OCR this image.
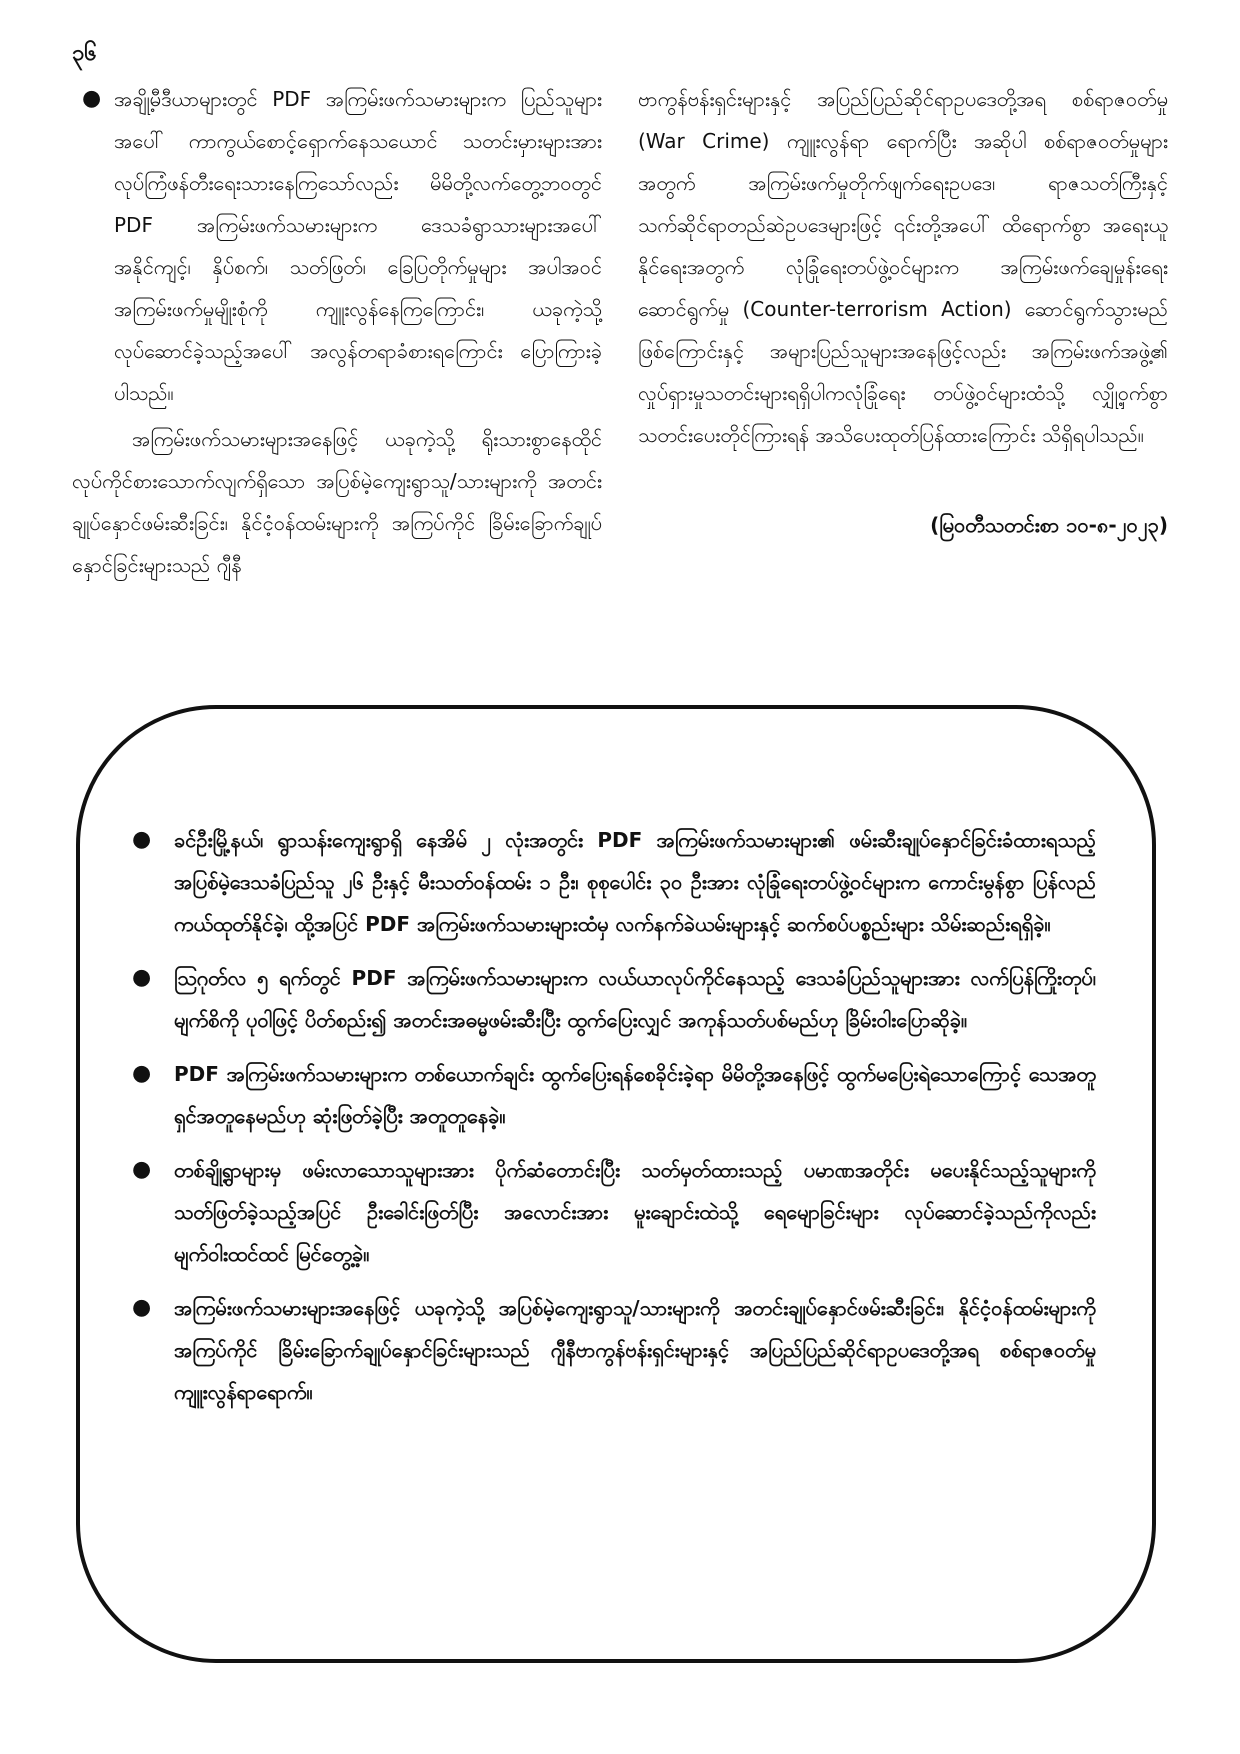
၃၆

● အချို့မီဒီယာများတွင် PDF အကြမ်းဖက်သမားများက ပြည်သူများအပေါ် ကာကွယ်စောင့်ရှောက်နေသယောင် သတင်းမှားများအား လုပ်ကြံဖန်တီးရေးသားနေကြသော်လည်း မိမိတို့လက်တွေ့ဘဝတွင် PDF အကြမ်းဖက်သမားများက ဒေသခံရွာသားများအပေါ် အနိုင်ကျင့်၊ နှိပ်စက်၊ သတ်ဖြတ်၊ ခြေပြတိုက်မှုများ အပါအဝင် အကြမ်းဖက်မှုမျိုးစုံကို ကျူးလွန်နေကြကြောင်း၊ ယခုကဲ့သို့ လုပ်ဆောင်ခဲ့သည့်အပေါ် အလွန်တရာခံစားရကြောင်း ပြောကြားခဲ့ပါသည်။

အကြမ်းဖက်သမားများအနေဖြင့် ယခုကဲ့သို့ ရိုးသားစွာနေထိုင်လုပ်ကိုင်စားသောက်လျက်ရှိသော အပြစ်မဲ့ကျေးရွာသူ/သားများကို အတင်းချုပ်နှောင်ဖမ်းဆီးခြင်း၊ နိုင်ငံ့ဝန်ထမ်းများကို အကြပ်ကိုင် ခြိမ်းခြောက်ချုပ်နှောင်ခြင်းများသည် ဂျီနီ

ဗာကွန်ဗန်းရှင်းများနှင့် အပြည်ပြည်ဆိုင်ရာဥပဒေတို့အရ စစ်ရာဇဝတ်မှု (War Crime) ကျူးလွန်ရာ ရောက်ပြီး အဆိုပါ စစ်ရာဇဝတ်မှုများအတွက် အကြမ်းဖက်မှုတိုက်ဖျက်ရေးဥပဒေ၊ ရာဇသတ်ကြီးနှင့် သက်ဆိုင်ရာတည်ဆဲဥပဒေများဖြင့် ၎င်းတို့အပေါ် ထိရောက်စွာ အရေးယူနိုင်ရေးအတွက် လုံခြုံရေးတပ်ဖွဲ့ဝင်များက အကြမ်းဖက်ချေမှုန်းရေး ဆောင်ရွက်မှု (Counter-terrorism Action) ဆောင်ရွက်သွားမည်ဖြစ်ကြောင်းနှင့် အများပြည်သူများအနေဖြင့်လည်း အကြမ်းဖက်အဖွဲ့၏ လှုပ်ရှားမှုသတင်းများရရှိပါကလုံခြုံရေး တပ်ဖွဲ့ဝင်များထံသို့ လျှို့ဝှက်စွာ သတင်းပေးတိုင်ကြားရန် အသိပေးထုတ်ပြန်ထားကြောင်း သိရှိရပါသည်။

(မြဝတီသတင်းစာ ၁၀-၈-၂၀၂၃)

● ခင်ဦးမြို့နယ်၊ ရွာသန်းကျေးရွာရှိ နေအိမ် ၂ လုံးအတွင်း PDF အကြမ်းဖက်သမားများ၏ ဖမ်းဆီးချုပ်နှောင်ခြင်းခံထားရသည့် အပြစ်မဲ့ဒေသခံပြည်သူ ၂၆ ဦးနှင့် မီးသတ်ဝန်ထမ်း ၁ ဦး၊ စုစုပေါင်း ၃၀ ဦးအား လုံခြုံရေးတပ်ဖွဲ့ဝင်များက ကောင်းမွန်စွာ ပြန်လည်ကယ်ထုတ်နိုင်ခဲ့၊ ထို့အပြင် PDF အကြမ်းဖက်သမားများထံမှ လက်နက်ခဲယမ်းများနှင့် ဆက်စပ်ပစ္စည်းများ သိမ်းဆည်းရရှိခဲ့။
● ဩဂုတ်လ ၅ ရက်တွင် PDF အကြမ်းဖက်သမားများက လယ်ယာလုပ်ကိုင်နေသည့် ဒေသခံပြည်သူများအား လက်ပြန်ကြိုးတုပ်၊ မျက်စိကို ပုဝါဖြင့် ပိတ်စည်း၍ အတင်းအဓမ္မဖမ်းဆီးပြီး ထွက်ပြေးလျှင် အကုန်သတ်ပစ်မည်ဟု ခြိမ်းဝါးပြောဆိုခဲ့။
● PDF အကြမ်းဖက်သမားများက တစ်ယောက်ချင်း ထွက်ပြေးရန်စေခိုင်းခဲ့ရာ မိမိတို့အနေဖြင့် ထွက်မပြေးရဲသောကြောင့် သေအတူရှင်အတူနေမည်ဟု ဆုံးဖြတ်ခဲ့ပြီး အတူတူနေခဲ့။
● တစ်ချို့ရွာများမှ ဖမ်းလာသောသူများအား ပိုက်ဆံတောင်းပြီး သတ်မှတ်ထားသည့် ပမာဏအတိုင်း မပေးနိုင်သည့်သူများကို သတ်ဖြတ်ခဲ့သည့်အပြင် ဦးခေါင်းဖြတ်ပြီး အလောင်းအား မူးချောင်းထဲသို့ ရေမျောခြင်းများ လုပ်ဆောင်ခဲ့သည်ကိုလည်း မျက်ဝါးထင်ထင် မြင်တွေ့ခဲ့။
● အကြမ်းဖက်သမားများအနေဖြင့် ယခုကဲ့သို့ အပြစ်မဲ့ကျေးရွာသူ/သားများကို အတင်းချုပ်နှောင်ဖမ်းဆီးခြင်း၊ နိုင်ငံ့ဝန်ထမ်းများကို အကြပ်ကိုင် ခြိမ်းခြောက်ချုပ်နှောင်ခြင်းများသည် ဂျီနီဗာကွန်ဗန်းရှင်းများနှင့် အပြည်ပြည်ဆိုင်ရာဥပဒေတို့အရ စစ်ရာဇဝတ်မှု ကျူးလွန်ရာရောက်။
